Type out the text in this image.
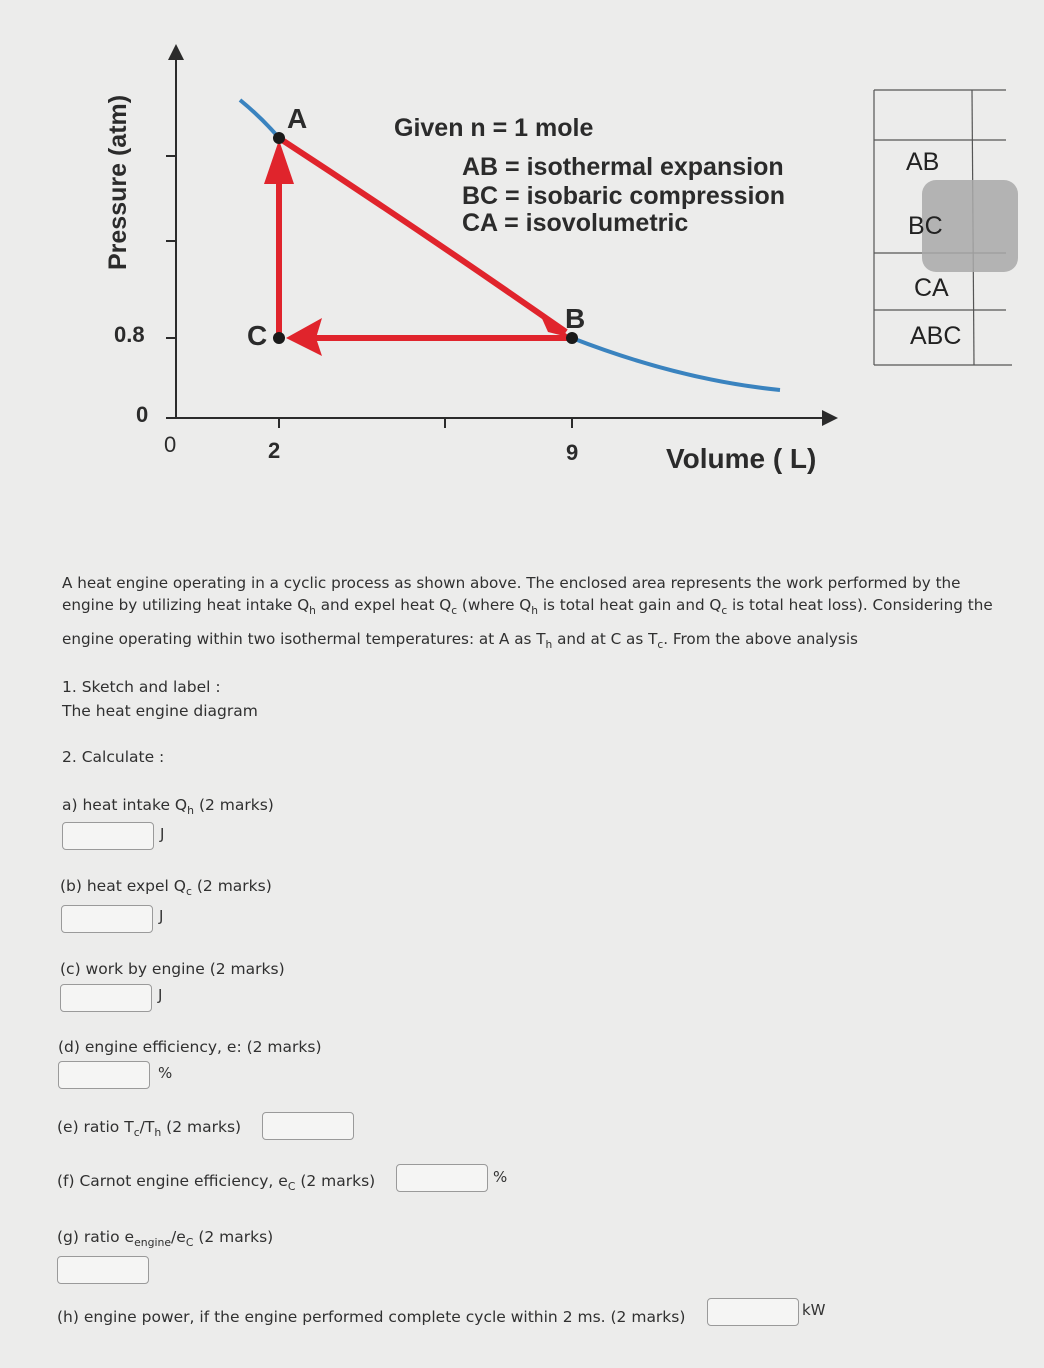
0.8
0
0	2	9	Volume ( L)
Pressure (atm)	A
B
C
Given n = 1 mole
AB = isothermal expansion
BC = isobaric compression
CA = isovolumetric
AB
BC
CA
ABC
A heat engine operating in a cyclic process as shown above. The enclosed area represents the work performed by the
engine by utilizing heat intake $Q_h$ and expel heat $Q_c$ (where $Q_h$ is total heat gain and $Q_c$ is total heat loss). Considering the
engine operating within two isothermal temperatures: at A as $T_h$ and at C as $T_c$. From the above analysis
1. Sketch and label :
The heat engine diagram
2. Calculate :
a) heat intake $Q_h$ (2 marks)
J
(b) heat expel $Q_c$ (2 marks)
J
(c) work by engine (2 marks)
J
(d) engine efficiency, e: (2 marks)
%
(e) ratio $T_c/T_h$ (2 marks)
(f) Carnot engine efficiency, $e_C$ (2 marks)	%
(g) ratio $e_{engine}/e_C$ (2 marks)
(h) engine power, if the engine performed complete cycle within 2 ms. (2 marks)	kW
